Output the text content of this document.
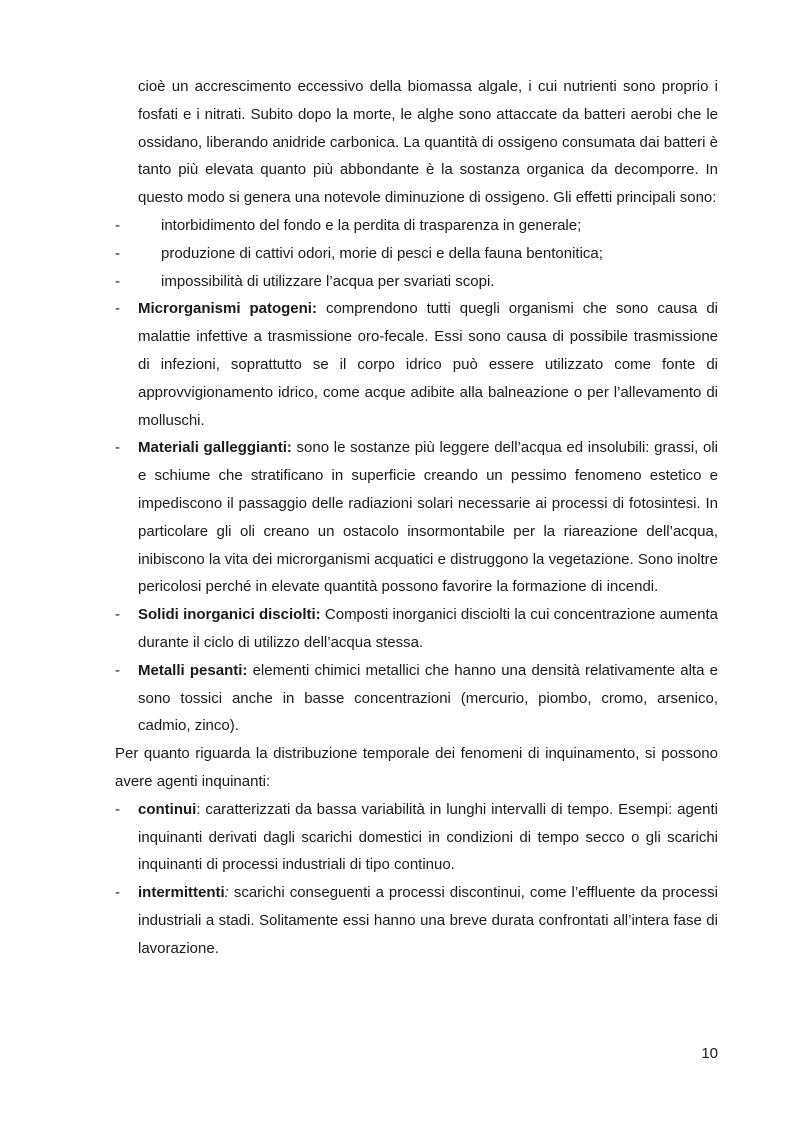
cioè un accrescimento eccessivo della biomassa algale, i cui nutrienti sono proprio i fosfati e i nitrati. Subito dopo la morte, le alghe sono attaccate da batteri aerobi che le ossidano, liberando anidride carbonica. La quantità di ossigeno consumata dai batteri è tanto più elevata quanto più abbondante è la sostanza organica da decomporre. In questo modo si genera una notevole diminuzione di ossigeno. Gli effetti principali sono:

-	intorbidimento del fondo e la perdita di trasparenza in generale;
-	produzione di cattivi odori, morie di pesci e della fauna bentonitica;
-	impossibilità di utilizzare l’acqua per svariati scopi.
- Microrganismi patogeni: comprendono tutti quegli organismi che sono causa di malattie infettive a trasmissione oro-fecale. Essi sono causa di possibile trasmissione di infezioni, soprattutto se il corpo idrico può essere utilizzato come fonte di approvvigionamento idrico, come acque adibite alla balneazione o per l’allevamento di molluschi.
- Materiali galleggianti: sono le sostanze più leggere dell’acqua ed insolubili: grassi, oli e schiume che stratificano in superficie creando un pessimo fenomeno estetico e impediscono il passaggio delle radiazioni solari necessarie ai processi di fotosintesi. In particolare gli oli creano un ostacolo insormontabile per la riareazione dell’acqua, inibiscono la vita dei microrganismi acquatici e distruggono la vegetazione. Sono inoltre pericolosi perché in elevate quantità possono favorire la formazione di incendi.
- Solidi inorganici disciolti: Composti inorganici disciolti la cui concentrazione aumenta durante il ciclo di utilizzo dell’acqua stessa.
- Metalli pesanti: elementi chimici metallici che hanno una densità relativamente alta e sono tossici anche in basse concentrazioni (mercurio, piombo, cromo, arsenico, cadmio, zinco).

Per quanto riguarda la distribuzione temporale dei fenomeni di inquinamento, si possono avere agenti inquinanti:

- continui: caratterizzati da bassa variabilità in lunghi intervalli di tempo. Esempi: agenti inquinanti derivati dagli scarichi domestici in condizioni di tempo secco o gli scarichi inquinanti di processi industriali di tipo continuo.
- intermittenti: scarichi conseguenti a processi discontinui, come l’effluente da processi industriali a stadi. Solitamente essi hanno una breve durata confrontati all’intera fase di lavorazione.
10
